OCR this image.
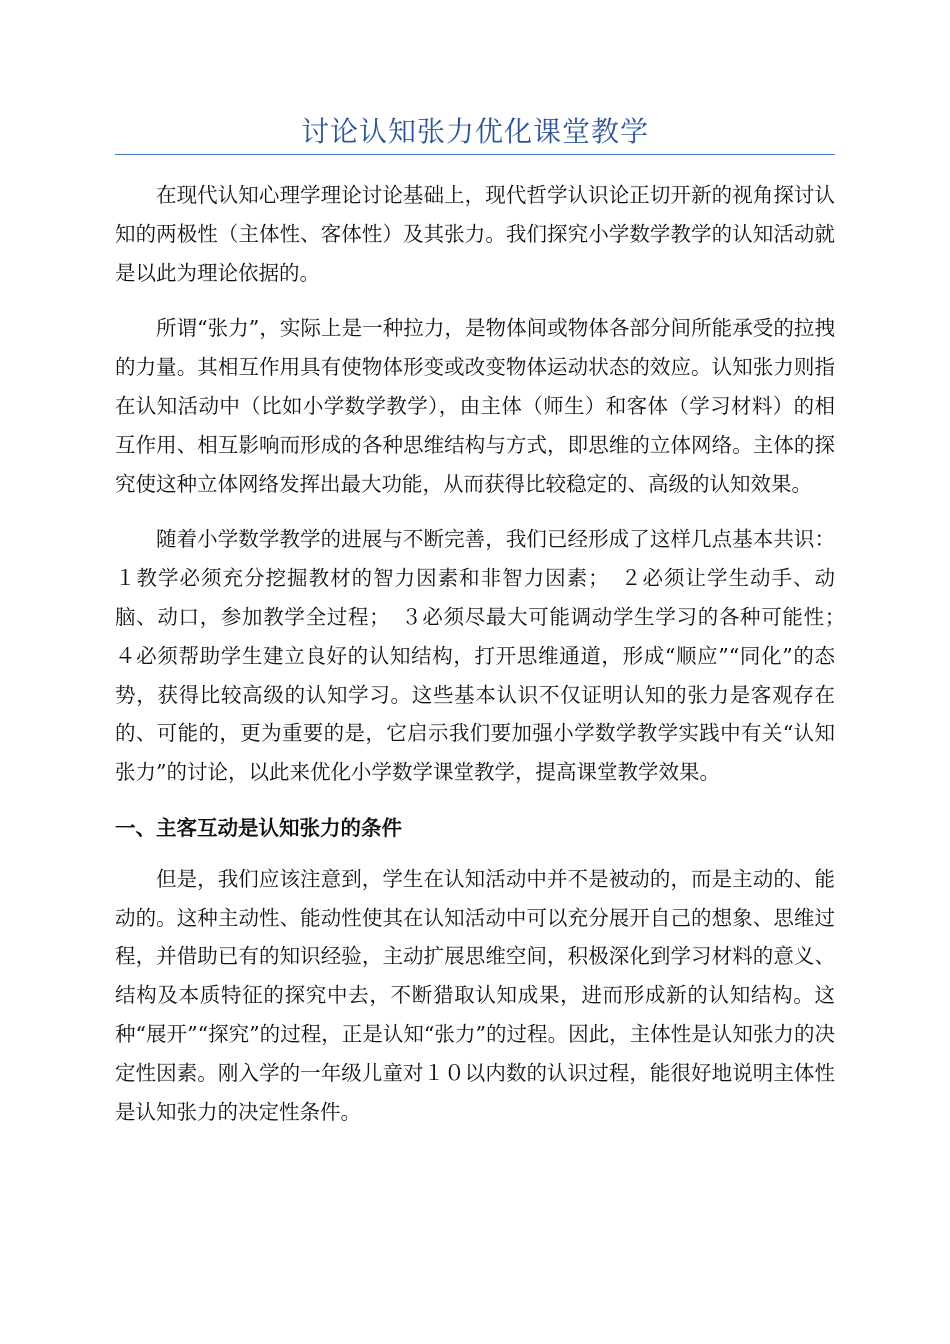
讨论认知张力优化课堂教学

在现代认知心理学理论讨论基础上，现代哲学认识论正切开新的视角探讨认知的两极性（主体性、客体性）及其张力。我们探究小学数学教学的认知活动就是以此为理论依据的。

所谓“张力”，实际上是一种拉力，是物体间或物体各部分间所能承受的拉拽的力量。其相互作用具有使物体形变或改变物体运动状态的效应。认知张力则指在认知活动中（比如小学数学教学），由主体（师生）和客体（学习材料）的相互作用、相互影响而形成的各种思维结构与方式，即思维的立体网络。主体的探究使这种立体网络发挥出最大功能，从而获得比较稳定的、高级的认知效果。

随着小学数学教学的进展与不断完善，我们已经形成了这样几点基本共识：１教学必须充分挖掘教材的智力因素和非智力因素；　２必须让学生动手、动脑、动口，参加教学全过程；　３必须尽最大可能调动学生学习的各种可能性；　４必须帮助学生建立良好的认知结构，打开思维通道，形成“顺应”“同化”的态势，获得比较高级的认知学习。这些基本认识不仅证明认知的张力是客观存在的、可能的，更为重要的是，它启示我们要加强小学数学教学实践中有关“认知张力”的讨论，以此来优化小学数学课堂教学，提高课堂教学效果。

一、主客互动是认知张力的条件

但是，我们应该注意到，学生在认知活动中并不是被动的，而是主动的、能动的。这种主动性、能动性使其在认知活动中可以充分展开自己的想象、思维过程，并借助已有的知识经验，主动扩展思维空间，积极深化到学习材料的意义、结构及本质特征的探究中去，不断猎取认知成果，进而形成新的认知结构。这种“展开”“探究”的过程，正是认知“张力”的过程。因此，主体性是认知张力的决定性因素。刚入学的一年级儿童对１０以内数的认识过程，能很好地说明主体性是认知张力的决定性条件。
